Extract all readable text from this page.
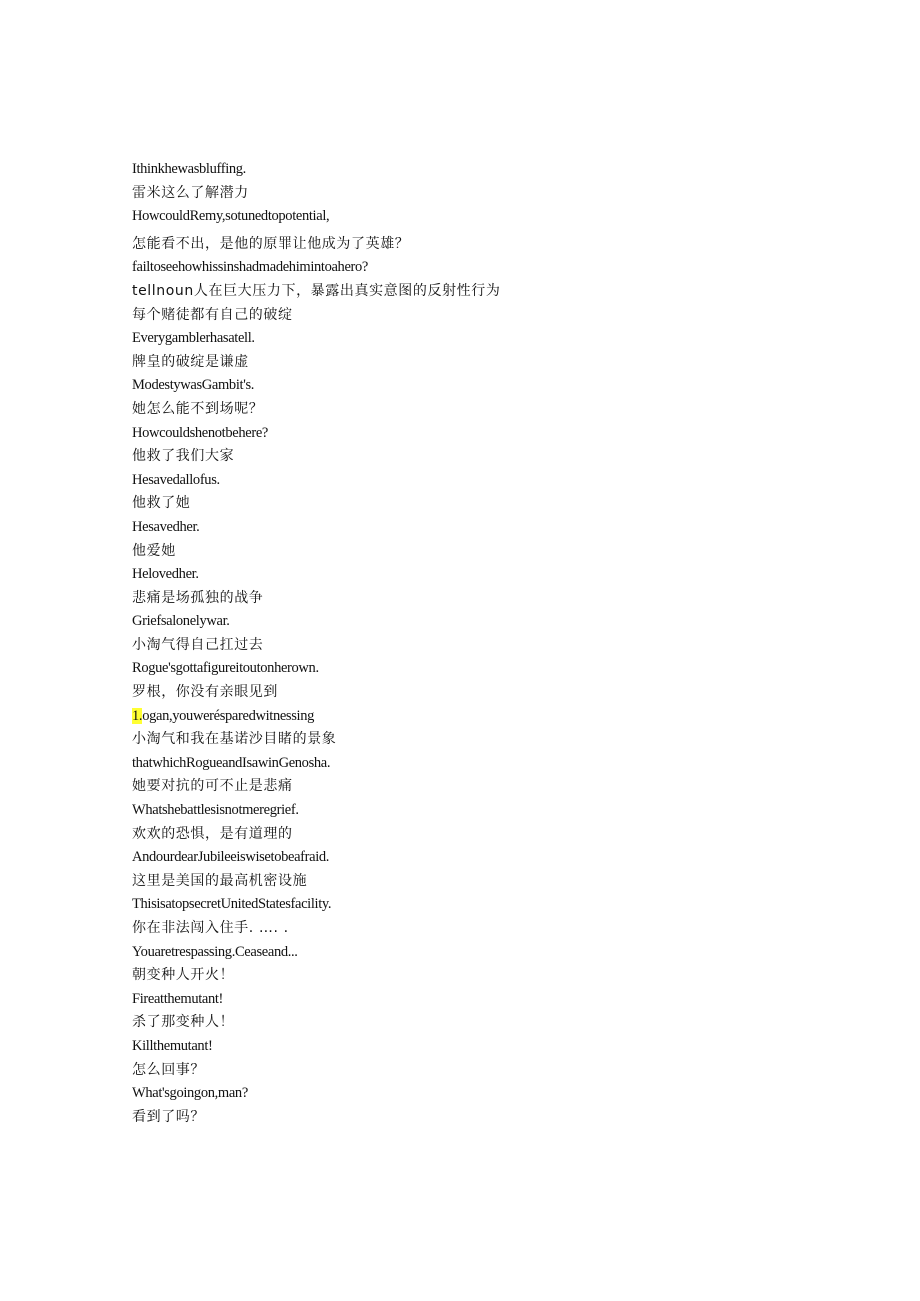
Ithinkhewasbluffing.
雷米这么了解潜力
HowcouldRemy,sotunedtopotential,
怎能看不出，是他的原罪让他成为了英雄？
failtoseehowhissinshadmadehimintoahero?
tellnoun人在巨大压力下，暴露出真实意图的反射性行为
每个赌徒都有自己的破绽
Everygamblerhasatell.
牌皇的破绽是谦虚
ModestywasGambit's.
她怎么能不到场呢？
Howcouldshenotbehere?
他救了我们大家
Hesavedallofus.
他救了她
Hesavedher.
他爱她
Helovedher.
悲痛是场孤独的战争
Griefsalonelywar.
小淘气得自己扛过去
Rogue'sgottafigureitoutonherown.
罗根，你没有亲眼见到
1.ogan,youwerésparedwitnessing
小淘气和我在基诺沙目睹的景象
thatwhichRogueandIsawinGenosha.
她要对抗的可不止是悲痛
Whatshebattlesisnotmeregrief.
欢欢的恐惧，是有道理的
AndourdearJubileeiswisetobeafraid.
这里是美国的最高机密设施
ThisisatopsecretUnitedStatesfacility.
你在非法闯入住手. …. .
Youaretrespassing.Ceaseand...
朝变种人开火！
Fireatthemutant!
杀了那变种人！
Killthemutant!
怎么回事？
What'sgoingon,man?
看到了吗？
